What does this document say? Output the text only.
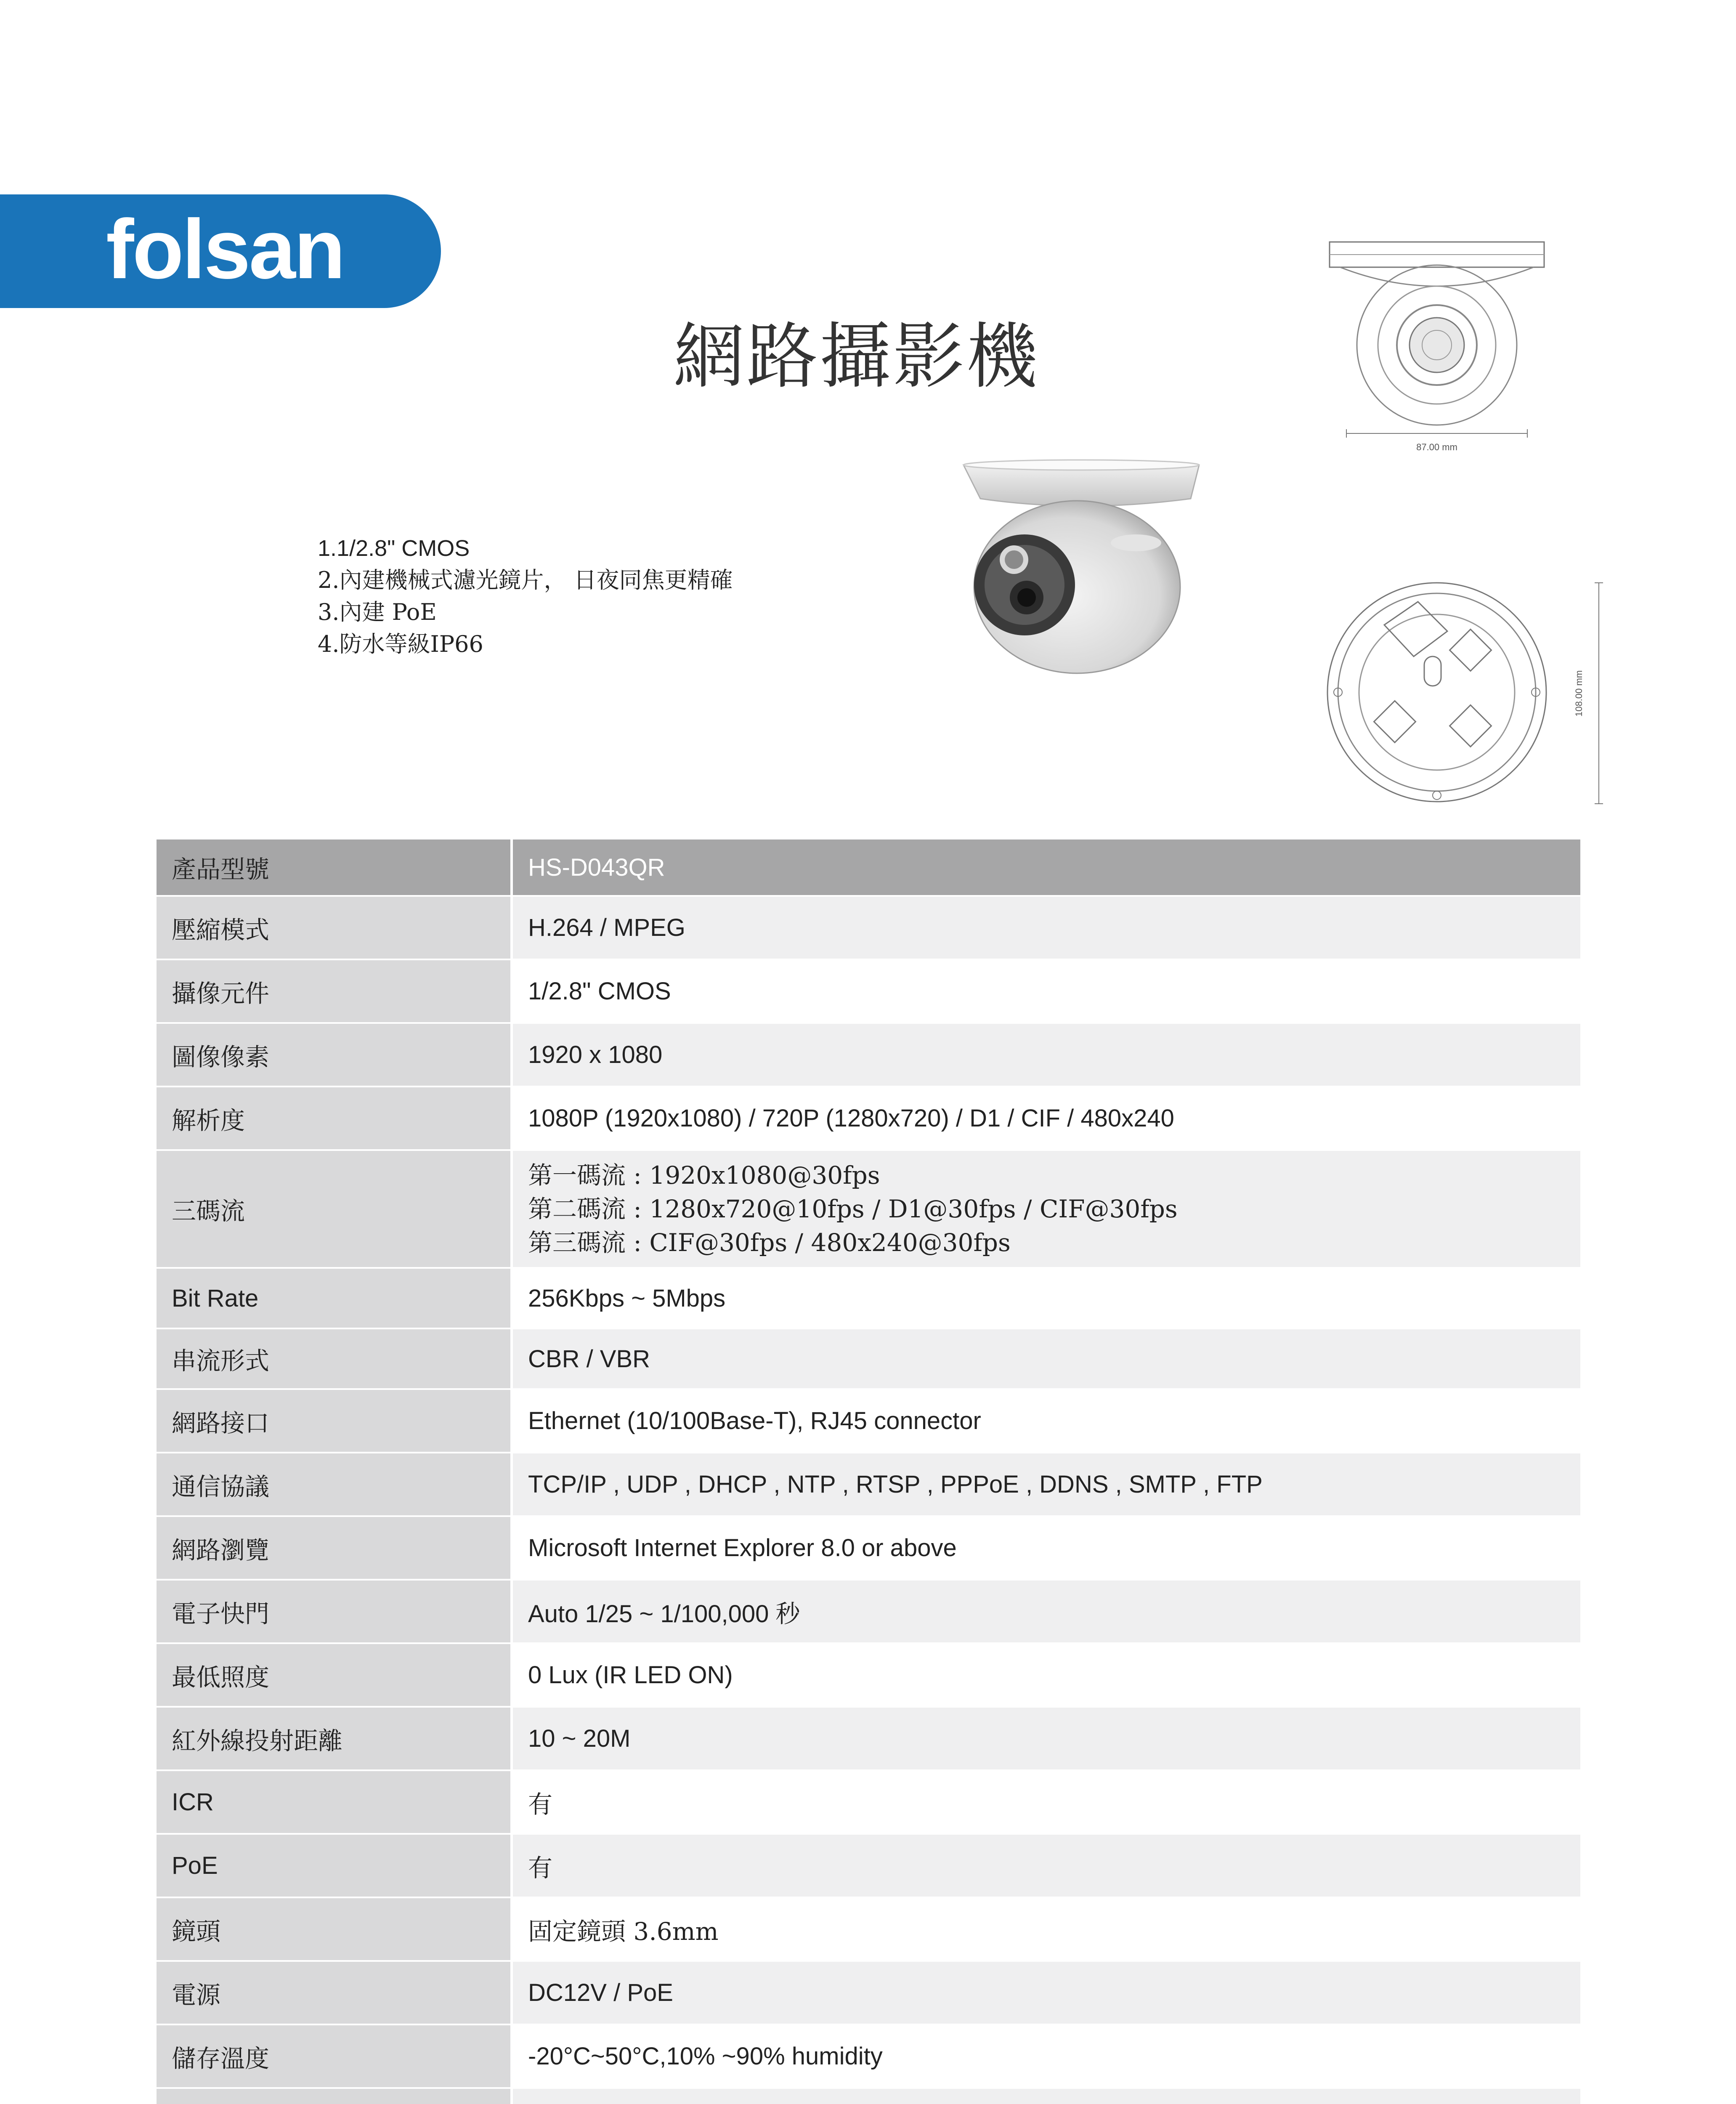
folsan
網路攝影機
1.1/2.8" CMOS
2.內建機械式濾光鏡片， 日夜同焦更精確
3.內建 PoE
4.防水等級IP66
87.00 mm
108.00 mm
產品型號	HS-D043QR
壓縮模式	H.264 / MPEG
攝像元件	1/2.8" CMOS
圖像像素	1920 x 1080
解析度	1080P (1920x1080) / 720P (1280x720) / D1 / CIF / 480x240
三碼流	第一碼流 : 1920x1080@30fps
第二碼流 : 1280x720@10fps / D1@30fps / CIF@30fps
第三碼流 : CIF@30fps / 480x240@30fps

Bit Rate	256Kbps ~ 5Mbps
串流形式	CBR / VBR
網路接口	Ethernet (10/100Base-T), RJ45 connector
通信協議	TCP/IP , UDP , DHCP , NTP , RTSP , PPPoE , DDNS , SMTP , FTP
網路瀏覽	Microsoft Internet Explorer 8.0 or above
電子快門	Auto 1/25 ~ 1/100,000 秒
最低照度	0 Lux (IR LED ON)
紅外線投射距離	10 ~ 20M
ICR	有
PoE	有
鏡頭	固定鏡頭 3.6mm
電源	DC12V / PoE
儲存溫度	-20°C~50°C,10% ~90% humidity
